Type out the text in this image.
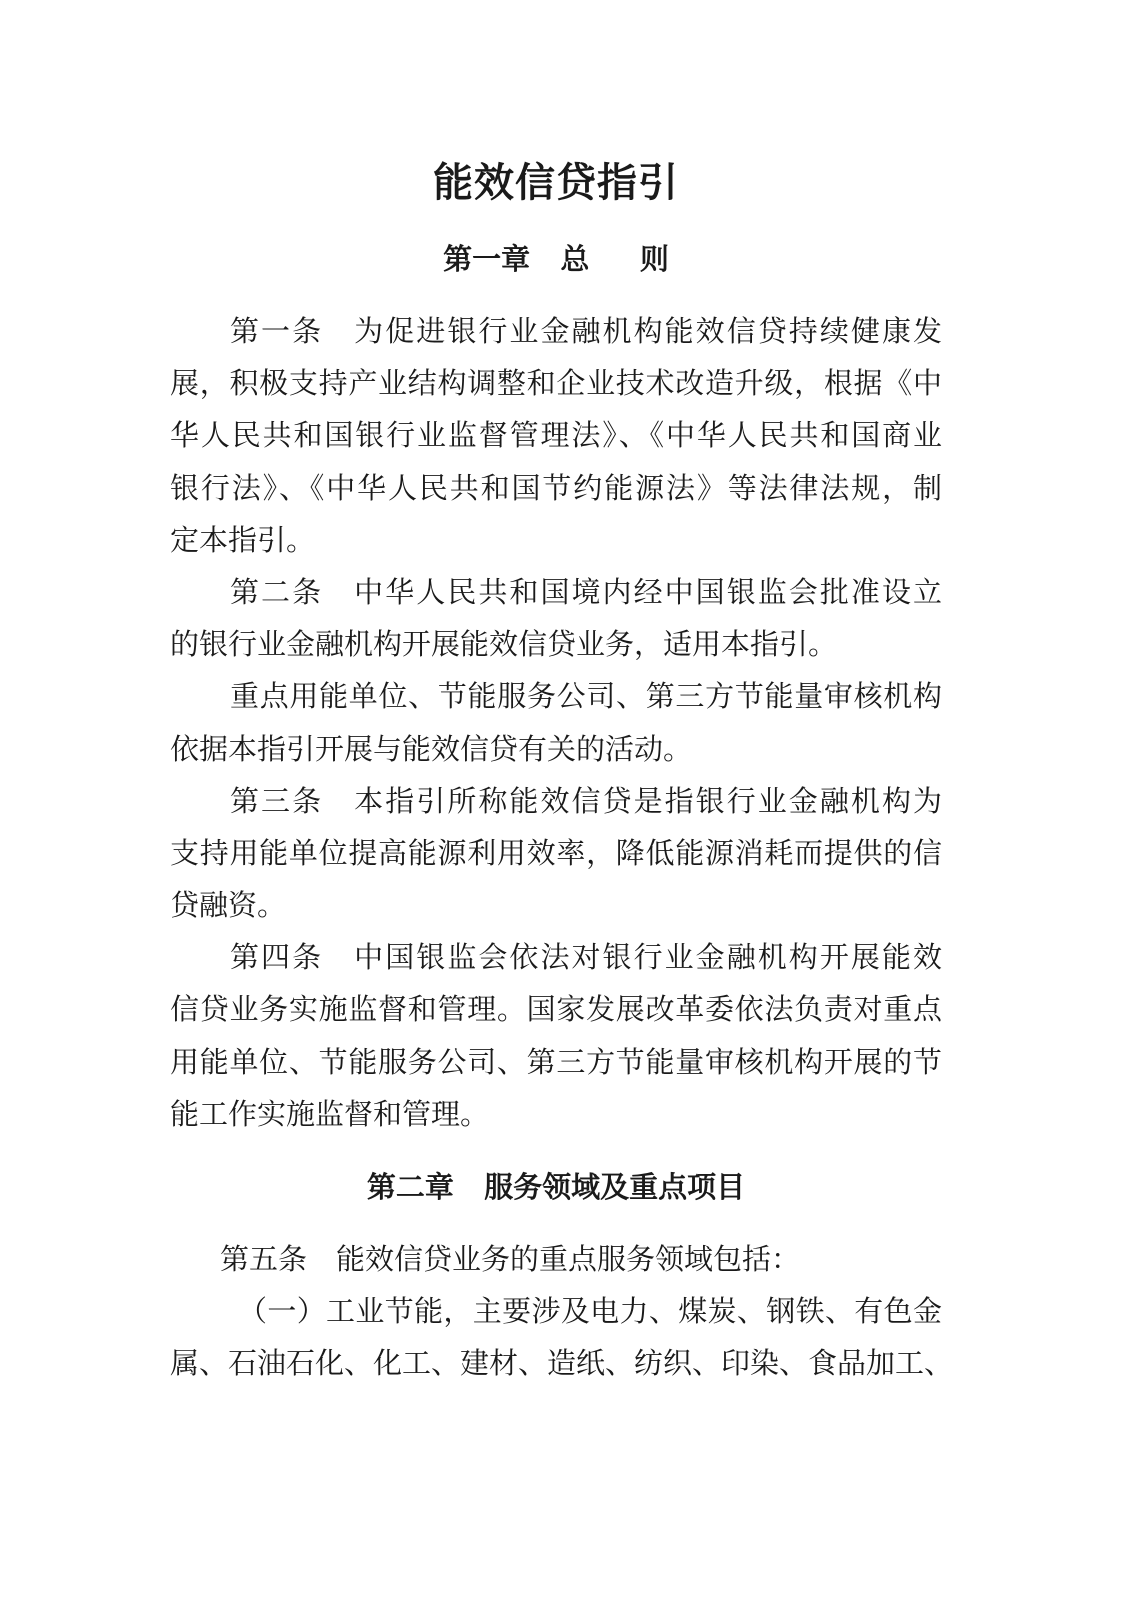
能效信贷指引
第一章   总     则
第一条　为促进银行业金融机构能效信贷持续健康发
展，积极支持产业结构调整和企业技术改造升级，根据《中
华人民共和国银行业监督管理法》、《中华人民共和国商业
银行法》、《中华人民共和国节约能源法》等法律法规，制
定本指引。
第二条　中华人民共和国境内经中国银监会批准设立
的银行业金融机构开展能效信贷业务，适用本指引。
重点用能单位、节能服务公司、第三方节能量审核机构
依据本指引开展与能效信贷有关的活动。
第三条　本指引所称能效信贷是指银行业金融机构为
支持用能单位提高能源利用效率，降低能源消耗而提供的信
贷融资。
第四条　中国银监会依法对银行业金融机构开展能效
信贷业务实施监督和管理。国家发展改革委依法负责对重点
用能单位、节能服务公司、第三方节能量审核机构开展的节
能工作实施监督和管理。
第二章   服务领域及重点项目
第五条　能效信贷业务的重点服务领域包括：
（一）工业节能，主要涉及电力、煤炭、钢铁、有色金
属、石油石化、化工、建材、造纸、纺织、印染、食品加工、
